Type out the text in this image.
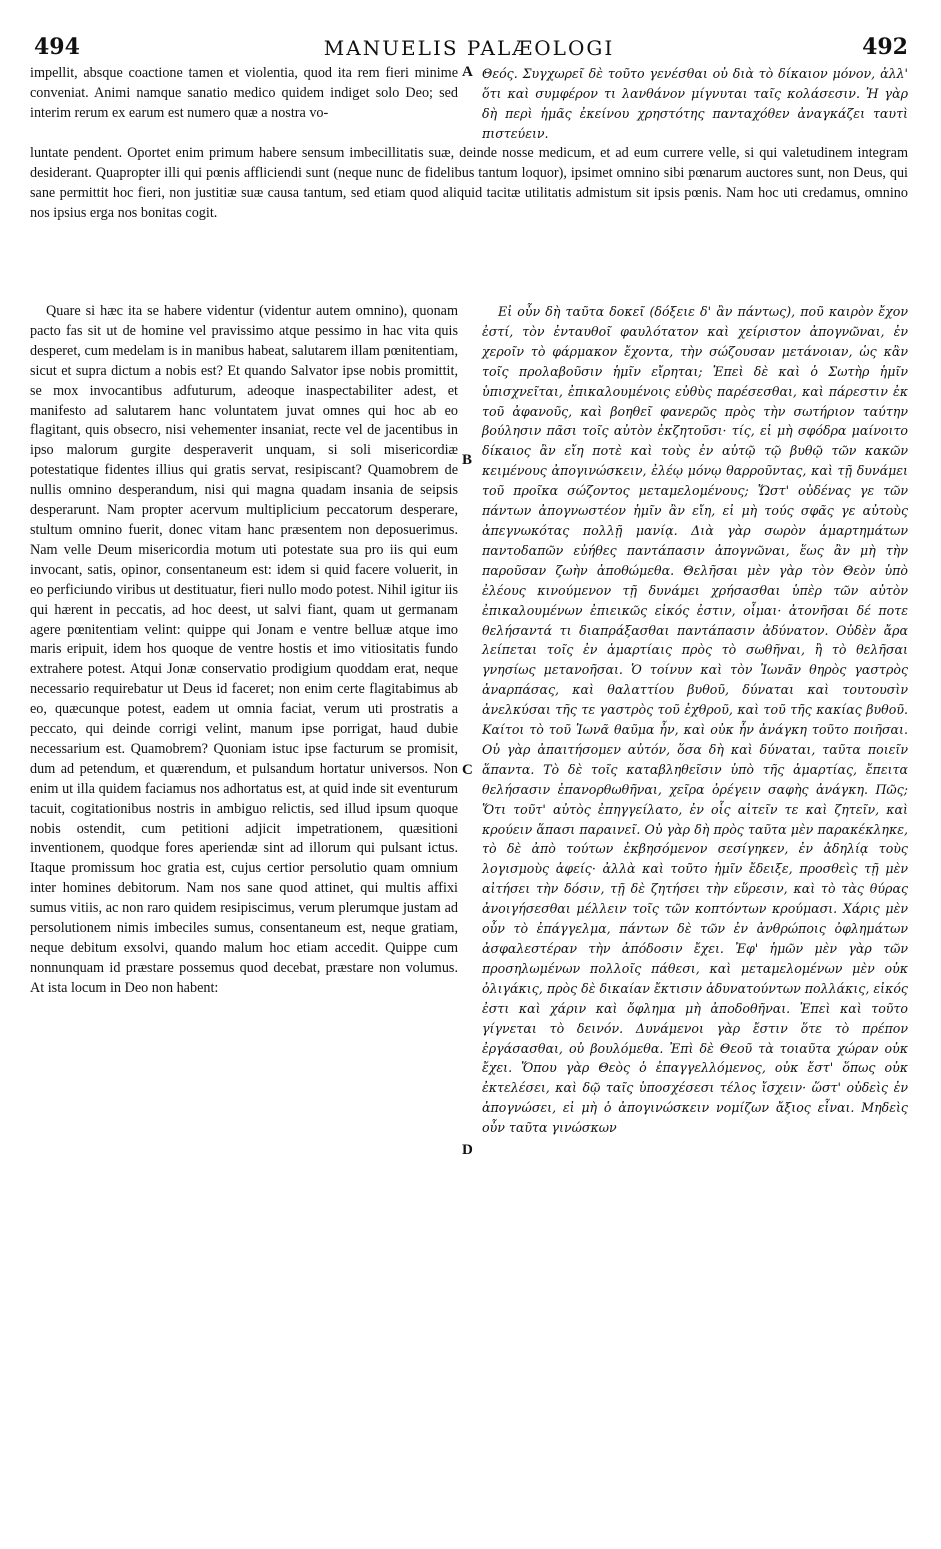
494	MANUELIS PALÆOLOGI	492

impellit, absque coactione tamen et violentia, quod ita rem fieri minime conveniat. Animi namque sanatio medico quidem indiget solo Deo; sed interim rerum ex earum est numero quæ a nostra vo-

A Θεός. Συγχωρεῖ δὲ τοῦτο γενέσθαι οὐ διὰ τὸ δίκαιον μόνον, ἀλλ' ὅτι καὶ συμφέρον τι λανθάνον μίγνυται ταῖς κολάσεσιν. Ἡ γὰρ δὴ περὶ ἡμᾶς ἐκείνου χρηστότης πανταχόθεν ἀναγκάζει ταυτὶ πιστεύειν.

luntate pendent. Oportet enim primum habere sensum imbecillitatis suæ, deinde nosse medicum, et ad eum currere velle, si qui valetudinem integram desiderant. Quapropter illi qui pœnis affliciendi sunt (neque nunc de fidelibus tantum loquor), ipsimet omnino sibi pœnarum auctores sunt, non Deus, qui sane permittit hoc fieri, non justitiæ suæ causa tantum, sed etiam quod aliquid tacitæ utilitatis admistum sit ipsis pœnis. Nam hoc uti credamus, omnino nos ipsius erga nos bonitas cogit.

Quare si hæc ita se habere videntur (videntur autem omnino), quonam pacto fas sit ut de homine vel pravissimo atque pessimo in hac vita quis desperet, cum medelam is in manibus habeat, salutarem illam pœnitentiam, sicut et supra dictum a nobis est? Et quando Salvator ipse nobis promittit, se mox invocantibus adfuturum, adeoque inaspectabiliter adest, et manifesto ad salutarem hanc voluntatem juvat omnes qui hoc ab eo flagitant, quis obsecro, nisi vehementer insaniat, recte vel de jacentibus in ipso malorum gurgite desperaverit unquam, si soli misericordiæ potestatique fidentes illius qui gratis servat, resipiscant? Quamobrem de nullis omnino desperandum, nisi qui magna quadam insania de seipsis desperarunt. Nam propter acervum multiplicium peccatorum desperare, stultum omnino fuerit, donec vitam hanc præsentem non deposuerimus. Nam velle Deum misericordia motum uti potestate sua pro iis qui eum invocant, satis, opinor, consentaneum est: idem si quid facere voluerit, in eo perficiundo viribus ut destituatur, fieri nullo modo potest. Nihil igitur iis qui hærent in peccatis, ad hoc deest, ut salvi fiant, quam ut germanam agere pœnitentiam velint: quippe qui Jonam e ventre belluæ atque imo maris eripuit, idem hos quoque de ventre hostis et imo vitiositatis fundo extrahere potest. Atqui Jonæ conservatio prodigium quoddam erat, neque necessario requirebatur ut Deus id faceret; non enim certe flagitabimus ab eo, quæcunque potest, eadem ut omnia faciat, verum uti prostratis a peccato, qui deinde corrigi velint, manum ipse porrigat, haud dubie necessarium est. Quamobrem? Quoniam istuc ipse facturum se promisit, dum ad petendum, et quærendum, et pulsandum hortatur universos. Non enim ut illa quidem faciamus nos adhortatus est, at quid inde sit eventurum tacuit, cogitationibus nostris in ambiguo relictis, sed illud ipsum quoque nobis ostendit, cum petitioni adjicit impetrationem, quæsitioni inventionem, quodque fores aperiendæ sint ad illorum qui pulsant ictus. Itaque promissum hoc gratia est, cujus certior persolutio quam omnium inter homines debitorum. Nam nos sane quod attinet, qui multis affixi sumus vitiis, ac non raro quidem resipiscimus, verum plerumque justam ad persolutionem nimis imbeciles sumus, consentaneum est, neque gratiam, neque debitum exsolvi, quando malum hoc etiam accedit. Quippe cum nonnunquam id præstare possemus quod decebat, præstare non volumus. At ista locum in Deo non habent:

B
C
D

Εἰ οὖν δὴ ταῦτα δοκεῖ (δόξειε δ' ἂν πάντως), ποῦ καιρὸν ἔχον ἐστί, τὸν ἐνταυθοῖ φαυλότατον καὶ χείριστον ἀπογνῶναι, ἐν χεροῖν τὸ φάρμακον ἔχοντα, τὴν σώζουσαν μετάνοιαν, ὡς κἂν τοῖς προλαβοῦσιν ἡμῖν εἴρηται; Ἐπεὶ δὲ καὶ ὁ Σωτὴρ ἡμῖν ὑπισχνεῖται, ἐπικαλουμένοις εὐθὺς παρέσεσθαι, καὶ πάρεστιν ἐκ τοῦ ἀφανοῦς, καὶ βοηθεῖ φανερῶς πρὸς τὴν σωτήριον ταύτην βούλησιν πᾶσι τοῖς αὐτὸν ἐκζητοῦσι· τίς, εἰ μὴ σφόδρα μαίνοιτο δίκαιος ἂν εἴη ποτὲ καὶ τοὺς ἐν αὐτῷ τῷ βυθῷ τῶν κακῶν κειμένους ἀπογινώσκειν, ἐλέῳ μόνῳ θαρροῦντας, καὶ τῇ δυνάμει τοῦ προῖκα σώζοντος μεταμελομένους; Ὥστ' οὐδένας γε τῶν πάντων ἀπογνωστέον ἡμῖν ἂν εἴη, εἰ μὴ τούς σφᾶς γε αὐτοὺς ἀπεγνωκότας πολλῇ μανίᾳ. Διὰ γὰρ σωρὸν ἁμαρτημάτων παντοδαπῶν εὐήθες παντάπασιν ἀπογνῶναι, ἕως ἂν μὴ τὴν παροῦσαν ζωὴν ἀποθώμεθα. Θελῆσαι μὲν γὰρ τὸν Θεὸν ὑπὸ ἐλέους κινούμενον τῇ δυνάμει χρήσασθαι ὑπὲρ τῶν αὐτὸν ἐπικαλουμένων ἐπιεικῶς εἰκός ἐστιν, οἶμαι· ἀτονῆσαι δέ ποτε θελήσαντά τι διαπράξασθαι παντάπασιν ἀδύνατον. Οὐδὲν ἄρα λείπεται τοῖς ἐν ἁμαρτίαις πρὸς τὸ σωθῆναι, ἢ τὸ θελῆσαι γνησίως μετανοῆσαι. Ὁ τοίνυν καὶ τὸν Ἰωνᾶν θηρὸς γαστρὸς ἀναρπάσας, καὶ θαλαττίου βυθοῦ, δύναται καὶ τουτουσὶν ἀνελκύσαι τῆς τε γαστρὸς τοῦ ἐχθροῦ, καὶ τοῦ τῆς κακίας βυθοῦ. Καίτοι τὸ τοῦ Ἰωνᾶ θαῦμα ἦν, καὶ οὐκ ἦν ἀνάγκη τοῦτο ποιῆσαι. Οὐ γὰρ ἀπαιτήσομεν αὐτόν, ὅσα δὴ καὶ δύναται, ταῦτα ποιεῖν ἅπαντα. Τὸ δὲ τοῖς καταβληθεῖσιν ὑπὸ τῆς ἁμαρτίας, ἔπειτα θελήσασιν ἐπανορθωθῆναι, χεῖρα ὀρέγειν σαφὴς ἀνάγκη. Πῶς; Ὅτι τοῦτ' αὐτὸς ἐπηγγείλατο, ἐν οἷς αἰτεῖν τε καὶ ζητεῖν, καὶ κρούειν ἅπασι παραινεῖ. Οὐ γὰρ δὴ πρὸς ταῦτα μὲν παρακέκληκε, τὸ δὲ ἀπὸ τούτων ἐκβησόμενον σεσίγηκεν, ἐν ἀδηλίᾳ τοὺς λογισμοὺς ἀφείς· ἀλλὰ καὶ τοῦτο ἡμῖν ἔδειξε, προσθεὶς τῇ μὲν αἰτήσει τὴν δόσιν, τῇ δὲ ζητήσει τὴν εὕρεσιν, καὶ τὸ τὰς θύρας ἀνοιγήσεσθαι μέλλειν τοῖς τῶν κοπτόντων κρούμασι. Χάρις μὲν οὖν τὸ ἐπάγγελμα, πάντων δὲ τῶν ἐν ἀνθρώποις ὀφλημάτων ἀσφαλεστέραν τὴν ἀπόδοσιν ἔχει. Ἐφ' ἡμῶν μὲν γὰρ τῶν προσηλωμένων πολλοῖς πάθεσι, καὶ μεταμελομένων μὲν οὐκ ὀλιγάκις, πρὸς δὲ δικαίαν ἔκτισιν ἀδυνατούντων πολλάκις, εἰκός ἐστι καὶ χάριν καὶ ὄφλημα μὴ ἀποδοθῆναι. Ἐπεὶ καὶ τοῦτο γίγνεται τὸ δεινόν. Δυνάμενοι γὰρ ἔστιν ὅτε τὸ πρέπον ἐργάσασθαι, οὐ βουλόμεθα. Ἐπὶ δὲ Θεοῦ τὰ τοιαῦτα χώραν οὐκ ἔχει. Ὅπου γὰρ Θεὸς ὁ ἐπαγγελλόμενος, οὐκ ἔστ' ὅπως οὐκ ἐκτελέσει, καὶ δῷ ταῖς ὑποσχέσεσι τέλος ἴσχειν· ὥστ' οὐδεὶς ἐν ἀπογνώσει, εἰ μὴ ὁ ἀπογινώσκειν νομίζων ἄξιος εἶναι. Μηδεὶς οὖν ταῦτα γινώσκων
